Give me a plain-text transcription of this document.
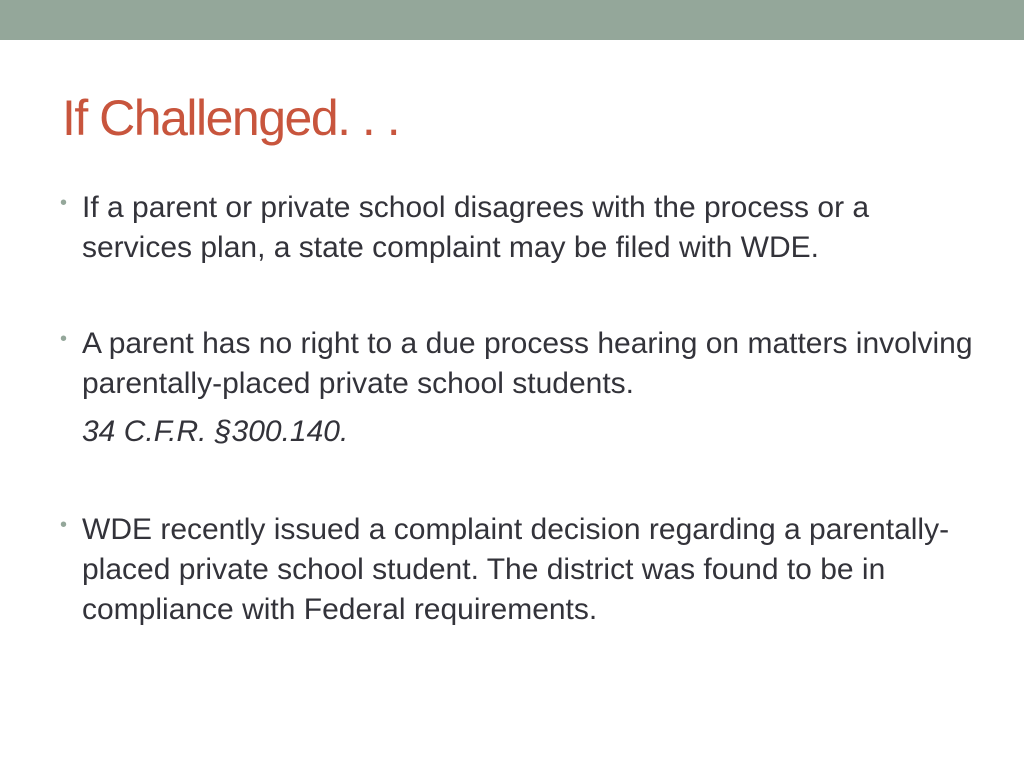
If Challenged. . .
• If a parent or private school disagrees with the process or a services plan, a state complaint may be filed with WDE.
• A parent has no right to a due process hearing on matters involving parentally-placed private school students.
34 C.F.R. §300.140.
• WDE recently issued a complaint decision regarding a parentally-placed private school student. The district was found to be in compliance with Federal requirements.
